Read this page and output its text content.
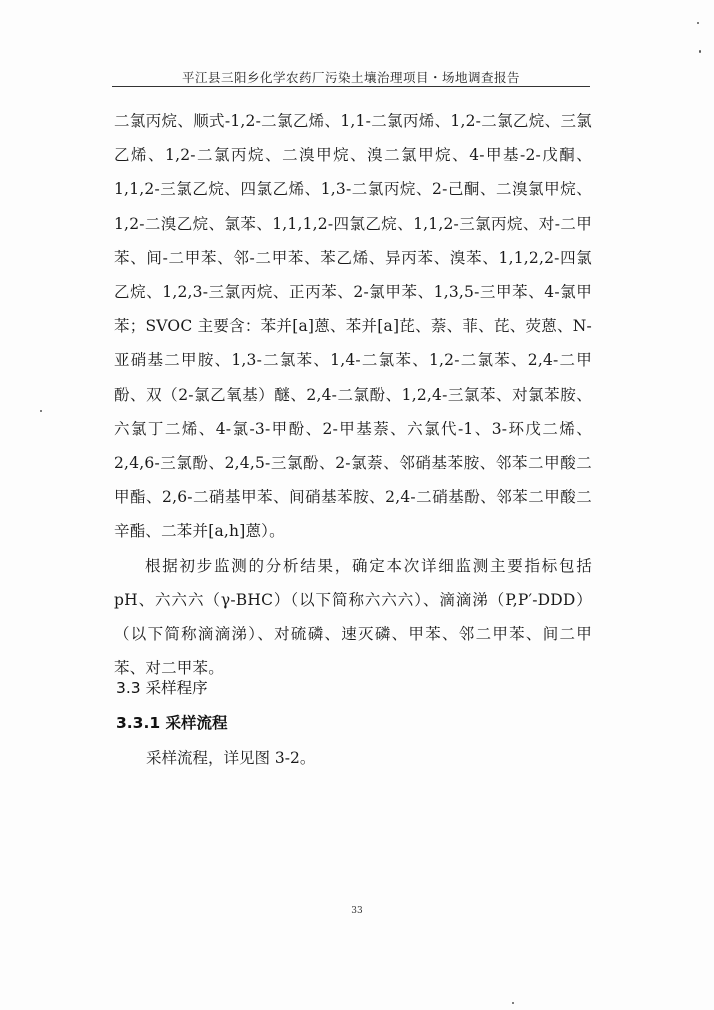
平江县三阳乡化学农药厂污染土壤治理项目・场地调查报告

二氯丙烷、顺式-1,2-二氯乙烯、1,1-二氯丙烯、1,2-二氯乙烷、三氯乙烯、1,2-二氯丙烷、二溴甲烷、溴二氯甲烷、4-甲基-2-戊酮、1,1,2-三氯乙烷、四氯乙烯、1,3-二氯丙烷、2-己酮、二溴氯甲烷、1,2-二溴乙烷、氯苯、1,1,1,2-四氯乙烷、1,1,2-三氯丙烷、对-二甲苯、间-二甲苯、邻-二甲苯、苯乙烯、异丙苯、溴苯、1,1,2,2-四氯乙烷、1,2,3-三氯丙烷、正丙苯、2-氯甲苯、1,3,5-三甲苯、4-氯甲苯；SVOC 主要含：苯并[a]蒽、苯并[a]芘、萘、菲、芘、荧蒽、N-亚硝基二甲胺、1,3-二氯苯、1,4-二氯苯、1,2-二氯苯、2,4-二甲酚、双（2-氯乙氧基）醚、2,4-二氯酚、1,2,4-三氯苯、对氯苯胺、六氯丁二烯、4-氯-3-甲酚、2-甲基萘、六氯代-1、3-环戊二烯、2,4,6-三氯酚、2,4,5-三氯酚、2-氯萘、邻硝基苯胺、邻苯二甲酸二甲酯、2,6-二硝基甲苯、间硝基苯胺、2,4-二硝基酚、邻苯二甲酸二辛酯、二苯并[a,h]蒽）。

根据初步监测的分析结果，确定本次详细监测主要指标包括 pH、六六六（γ-BHC）（以下简称六六六）、滴滴涕（P,P′-DDD）（以下简称滴滴涕）、对硫磷、速灭磷、甲苯、邻二甲苯、间二甲苯、对二甲苯。

3.3 采样程序
3.3.1 采样流程
采样流程，详见图 3-2。
33
